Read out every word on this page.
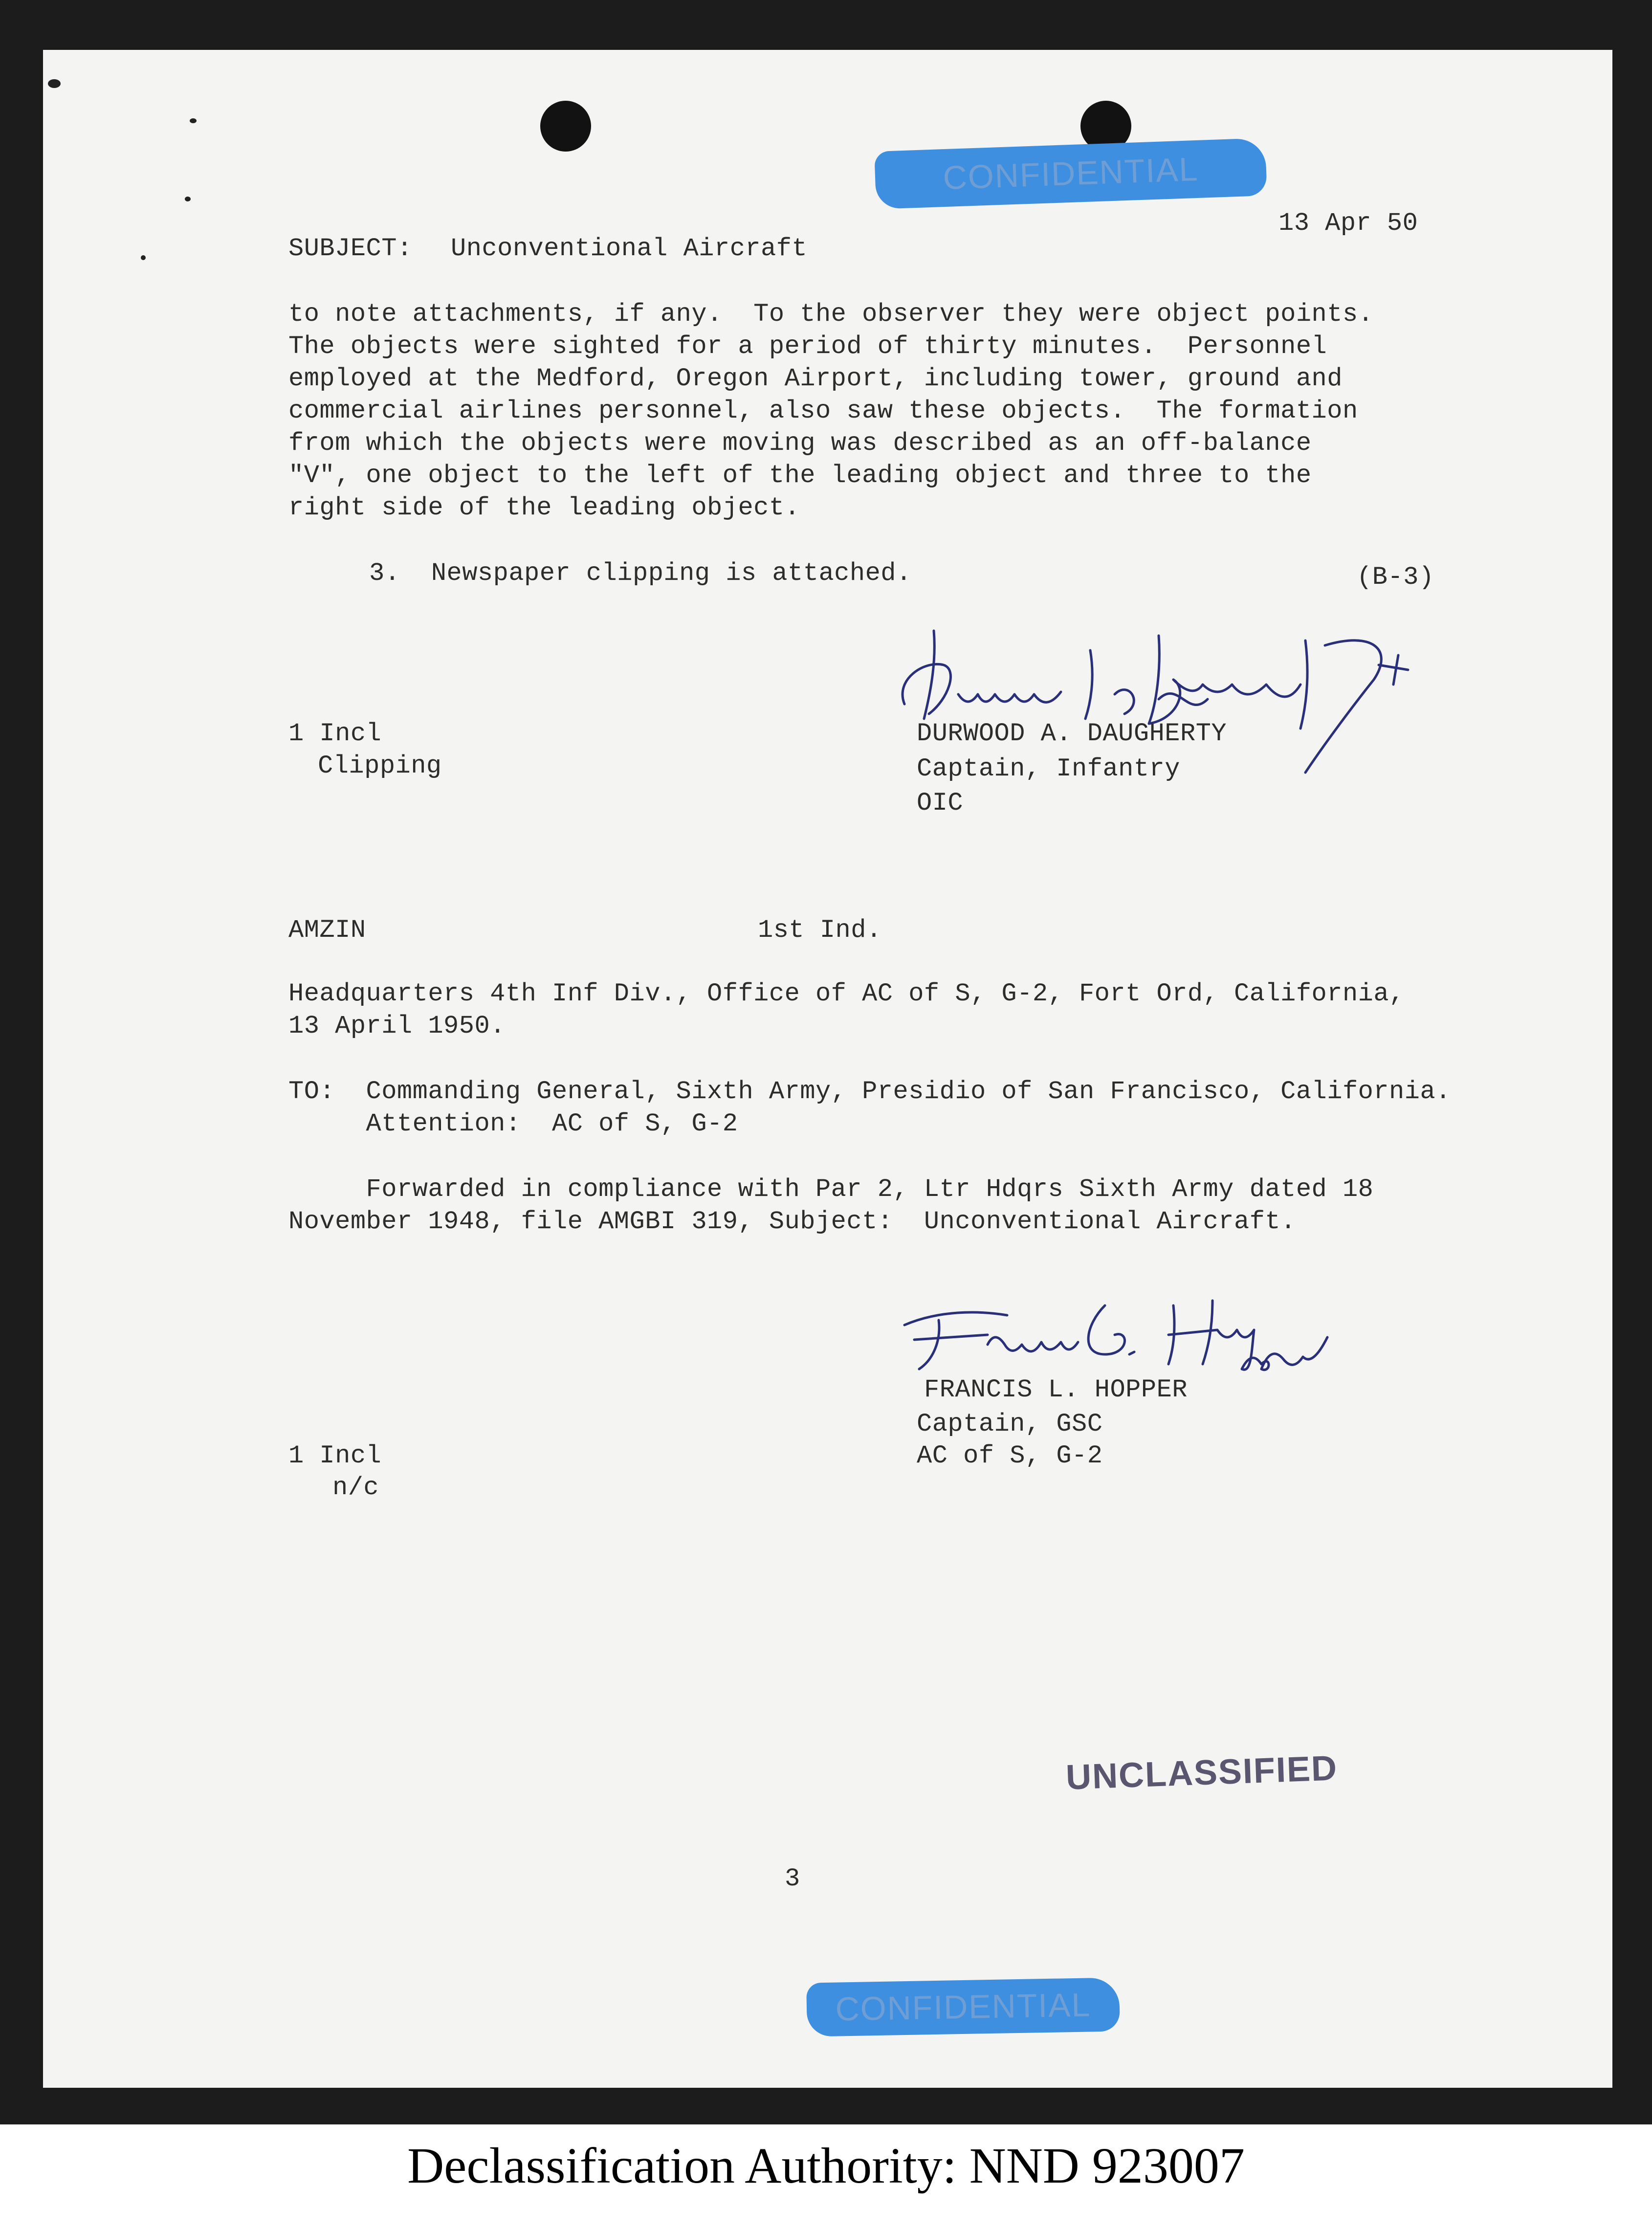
CONFIDENTIAL
13 Apr 50
SUBJECT: Unconventional Aircraft
to note attachments, if any.  To the observer they were object points.
The objects were sighted for a period of thirty minutes.  Personnel
employed at the Medford, Oregon Airport, including tower, ground and
commercial airlines personnel, also saw these objects.  The formation
from which the objects were moving was described as an off-balance
"V", one object to the left of the leading object and three to the
right side of the leading object.
3.  Newspaper clipping is attached.	(B-3)
1 Incl
Clipping
DURWOOD A. DAUGHERTY
Captain, Infantry
OIC
AMZIN	1st Ind.
Headquarters 4th Inf Div., Office of AC of S, G-2, Fort Ord, California,
13 April 1950.
TO:  Commanding General, Sixth Army, Presidio of San Francisco, California.
Attention:  AC of S, G-2
Forwarded in compliance with Par 2, Ltr Hdqrs Sixth Army dated 18
November 1948, file AMGBI 319, Subject:  Unconventional Aircraft.
FRANCIS L. HOPPER
Captain, GSC
AC of S, G-2
1 Incl
n/c
UNCLASSIFIED
3
CONFIDENTIAL
Declassification Authority: NND 923007
